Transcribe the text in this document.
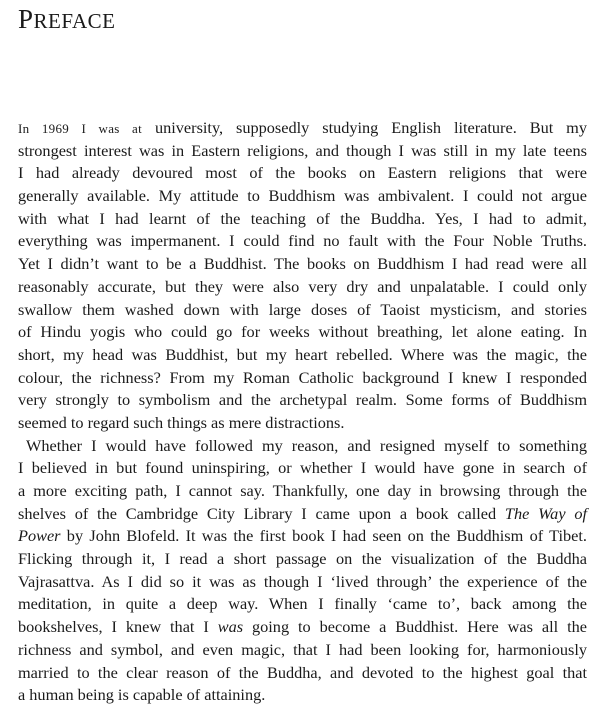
PREFACE
In 1969 I was at university, supposedly studying English literature. But my
strongest interest was in Eastern religions, and though I was still in my late teens
I had already devoured most of the books on Eastern religions that were
generally available. My attitude to Buddhism was ambivalent. I could not argue
with what I had learnt of the teaching of the Buddha. Yes, I had to admit,
everything was impermanent. I could find no fault with the Four Noble Truths.
Yet I didn’t want to be a Buddhist. The books on Buddhism I had read were all
reasonably accurate, but they were also very dry and unpalatable. I could only
swallow them washed down with large doses of Taoist mysticism, and stories
of Hindu yogis who could go for weeks without breathing, let alone eating. In
short, my head was Buddhist, but my heart rebelled. Where was the magic, the
colour, the richness? From my Roman Catholic background I knew I responded
very strongly to symbolism and the archetypal realm. Some forms of Buddhism
seemed to regard such things as mere distractions.
Whether I would have followed my reason, and resigned myself to something
I believed in but found uninspiring, or whether I would have gone in search of
a more exciting path, I cannot say. Thankfully, one day in browsing through the
shelves of the Cambridge City Library I came upon a book called The Way of
Power by John Blofeld. It was the first book I had seen on the Buddhism of Tibet.
Flicking through it, I read a short passage on the visualization of the Buddha
Vajrasattva. As I did so it was as though I ‘lived through’ the experience of the
meditation, in quite a deep way. When I finally ‘came to’, back among the
bookshelves, I knew that I was going to become a Buddhist. Here was all the
richness and symbol, and even magic, that I had been looking for, harmoniously
married to the clear reason of the Buddha, and devoted to the highest goal that
a human being is capable of attaining.
